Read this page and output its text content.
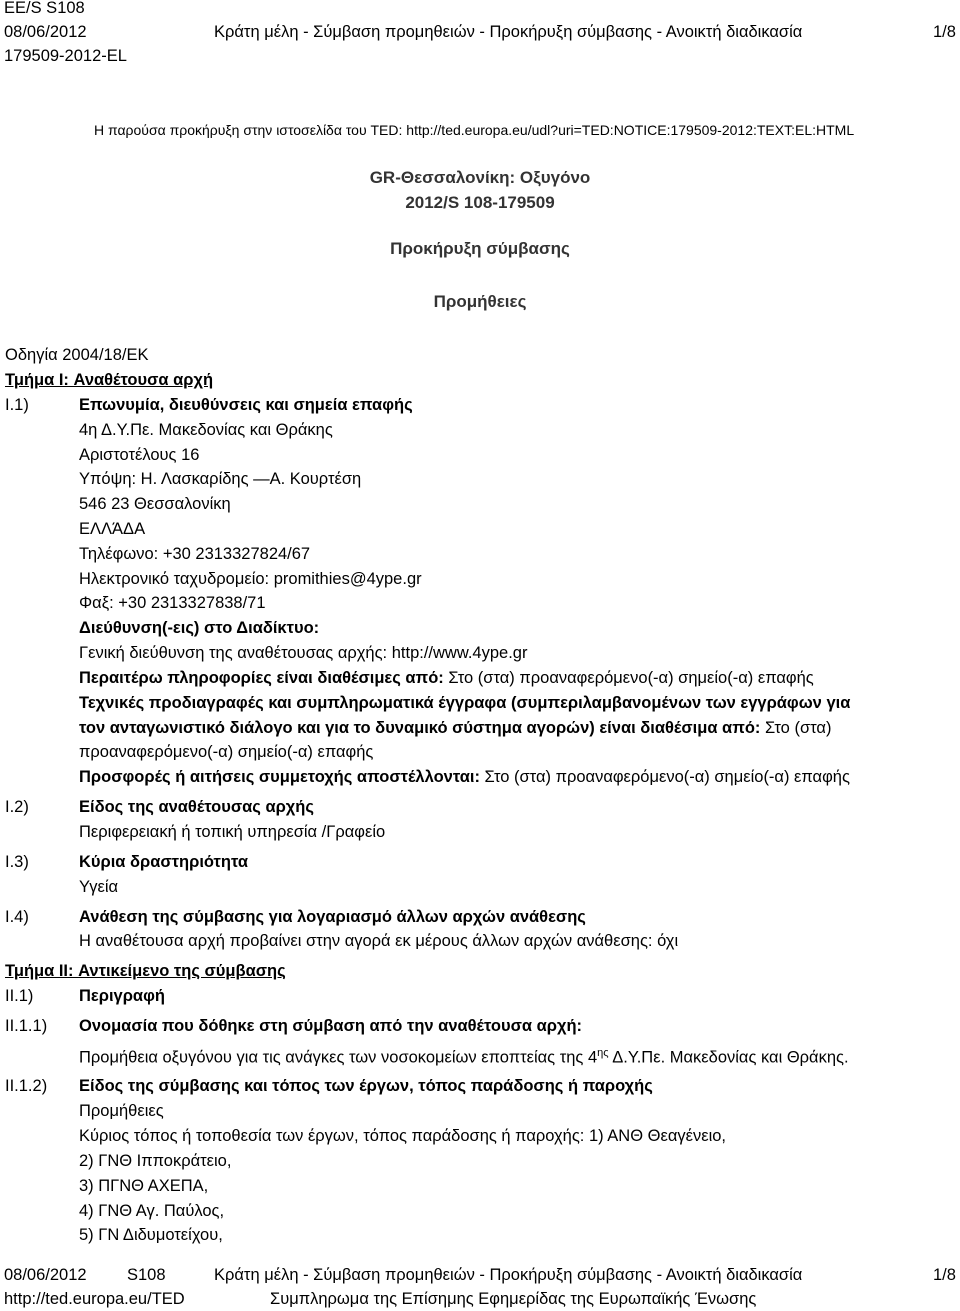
EE/S S108
08/06/2012
179509-2012-EL
Κράτη μέλη - Σύμβαση προμηθειών - Προκήρυξη σύμβασης - Ανοικτή διαδικασία	1/8
Η παρούσα προκήρυξη στην ιστοσελίδα του TED: http://ted.europa.eu/udl?uri=TED:NOTICE:179509-2012:TEXT:EL:HTML
GR-Θεσσαλονίκη: Οξυγόνο
2012/S 108-179509
Προκήρυξη σύμβασης
Προμήθειες
Οδηγία 2004/18/ΕΚ
Τμήμα I: Αναθέτουσα αρχή
I.1)	Επωνυμία, διευθύνσεις και σημεία επαφής
4η Δ.Υ.Πε. Μακεδονίας και Θράκης
Αριστοτέλους 16
Υπόψη: Η. Λασκαρίδης —Α. Κουρτέση
546 23 Θεσσαλονίκη
ΕΛΛΆΔΑ
Τηλέφωνο: +30 2313327824/67
Ηλεκτρονικό ταχυδρομείο: promithies@4ype.gr
Φαξ: +30 2313327838/71
Διεύθυνση(-εις) στο Διαδίκτυο:
Γενική διεύθυνση της αναθέτουσας αρχής: http://www.4ype.gr
Περαιτέρω πληροφορίες είναι διαθέσιμες από: Στο (στα) προαναφερόμενο(-α) σημείο(-α) επαφής
Τεχνικές προδιαγραφές και συμπληρωματικά έγγραφα (συμπεριλαμβανομένων των εγγράφων για
τον ανταγωνιστικό διάλογο και για το δυναμικό σύστημα αγορών) είναι διαθέσιμα από: Στο (στα)
προαναφερόμενο(-α) σημείο(-α) επαφής
Προσφορές ή αιτήσεις συμμετοχής αποστέλλονται: Στο (στα) προαναφερόμενο(-α) σημείο(-α) επαφής
I.2)	Είδος της αναθέτουσας αρχής
Περιφερειακή ή τοπική υπηρεσία /Γραφείο
I.3)	Κύρια δραστηριότητα
Υγεία
I.4)	Ανάθεση της σύμβασης για λογαριασμό άλλων αρχών ανάθεσης
Η αναθέτουσα αρχή προβαίνει στην αγορά εκ μέρους άλλων αρχών ανάθεσης: όχι
Τμήμα II: Αντικείμενο της σύμβασης
II.1)	Περιγραφή
II.1.1) Ονομασία που δόθηκε στη σύμβαση από την αναθέτουσα αρχή:
Προμήθεια οξυγόνου για τις ανάγκες των νοσοκομείων εποπτείας της $4^{\eta\varsigma}$ Δ.Υ.Πε. Μακεδονίας και Θράκης.
II.1.2) Είδος της σύμβασης και τόπος των έργων, τόπος παράδοσης ή παροχής
Προμήθειες
Κύριος τόπος ή τοποθεσία των έργων, τόπος παράδοσης ή παροχής: 1) ΑΝΘ Θεαγένειο,
2) ΓΝΘ Ιπποκράτειο,
3) ΠΓΝΘ ΑΧΕΠΑ,
4) ΓΝΘ Αγ. Παύλος,
5) ΓΝ Διδυμοτείχου,
08/06/2012 S108	Κράτη μέλη - Σύμβαση προμηθειών - Προκήρυξη σύμβασης - Ανοικτή διαδικασία	1/8
http://ted.europa.eu/TED	Συμπληρωμα της Επίσημης Εφημερίδας της Ευρωπαϊκής Ένωσης
